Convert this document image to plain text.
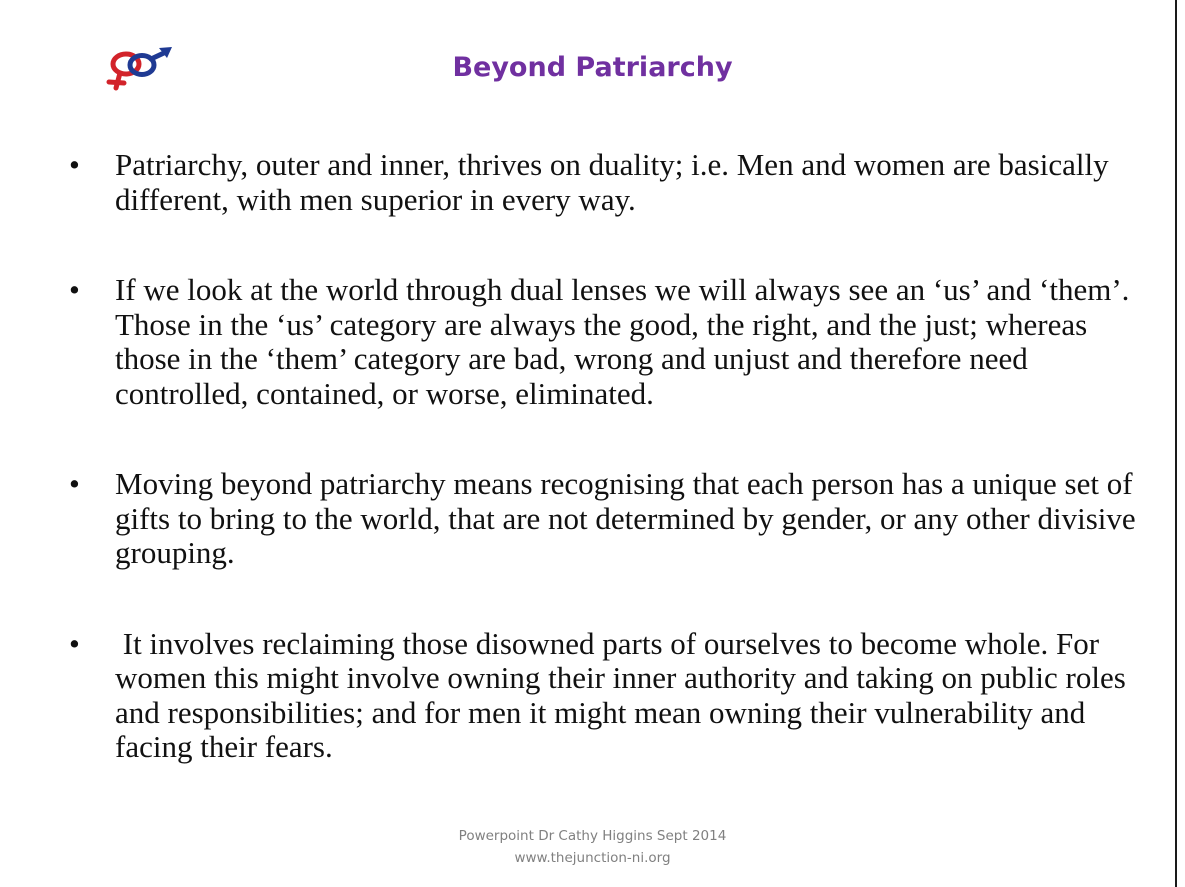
Beyond Patriarchy
• Patriarchy, outer and inner, thrives on duality; i.e. Men and women are basically different, with men superior in every way.
• If we look at the world through dual lenses we will always see an ‘us’ and ‘them’. Those in the ‘us’ category are always the good, the right, and the just; whereas those in the ‘them’ category are bad, wrong and unjust and therefore need controlled, contained, or worse, eliminated.
• Moving beyond patriarchy means recognising that each person has a unique set of gifts to bring to the world, that are not determined by gender, or any other divisive grouping.
• It involves reclaiming those disowned parts of ourselves to become whole. For women this might involve owning their inner authority and taking on public roles and responsibilities; and for men it might mean owning their vulnerability and facing their fears.
Powerpoint Dr Cathy Higgins Sept 2014
www.thejunction-ni.org
